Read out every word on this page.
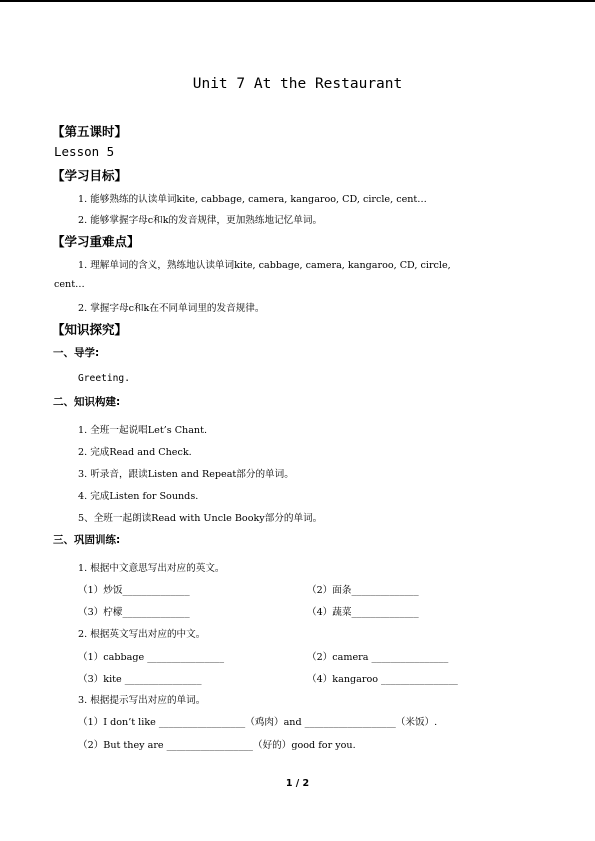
Unit 7 At the Restaurant
【第五课时】
Lesson 5
【学习目标】
1. 能够熟练的认读单词kite, cabbage, camera, kangaroo, CD, circle, cent…
2. 能够掌握字母c和k的发音规律，更加熟练地记忆单词。
【学习重难点】
1. 理解单词的含义，熟练地认读单词kite, cabbage, camera, kangaroo, CD, circle,
cent…
2. 掌握字母c和k在不同单词里的发音规律。
【知识探究】
一、导学:
Greeting.
二、知识构建:
1. 全班一起说唱Let’s Chant.
2. 完成Read and Check.
3. 听录音，跟读Listen and Repeat部分的单词。
4. 完成Listen for Sounds.
5、全班一起朗读Read with Uncle Booky部分的单词。
三、巩固训练:
1. 根据中文意思写出对应的英文。
（1）炒饭______________	（2）面条______________
（3）柠檬______________	（4）蔬菜______________
2. 根据英文写出对应的中文。
（1）cabbage ________________	（2）camera ________________
（3）kite ________________	（4）kangaroo ________________
3. 根据提示写出对应的单词。
（1）I don’t like __________________（鸡肉）and ___________________（米饭）.
（2）But they are __________________（好的）good for you.
1 / 2
